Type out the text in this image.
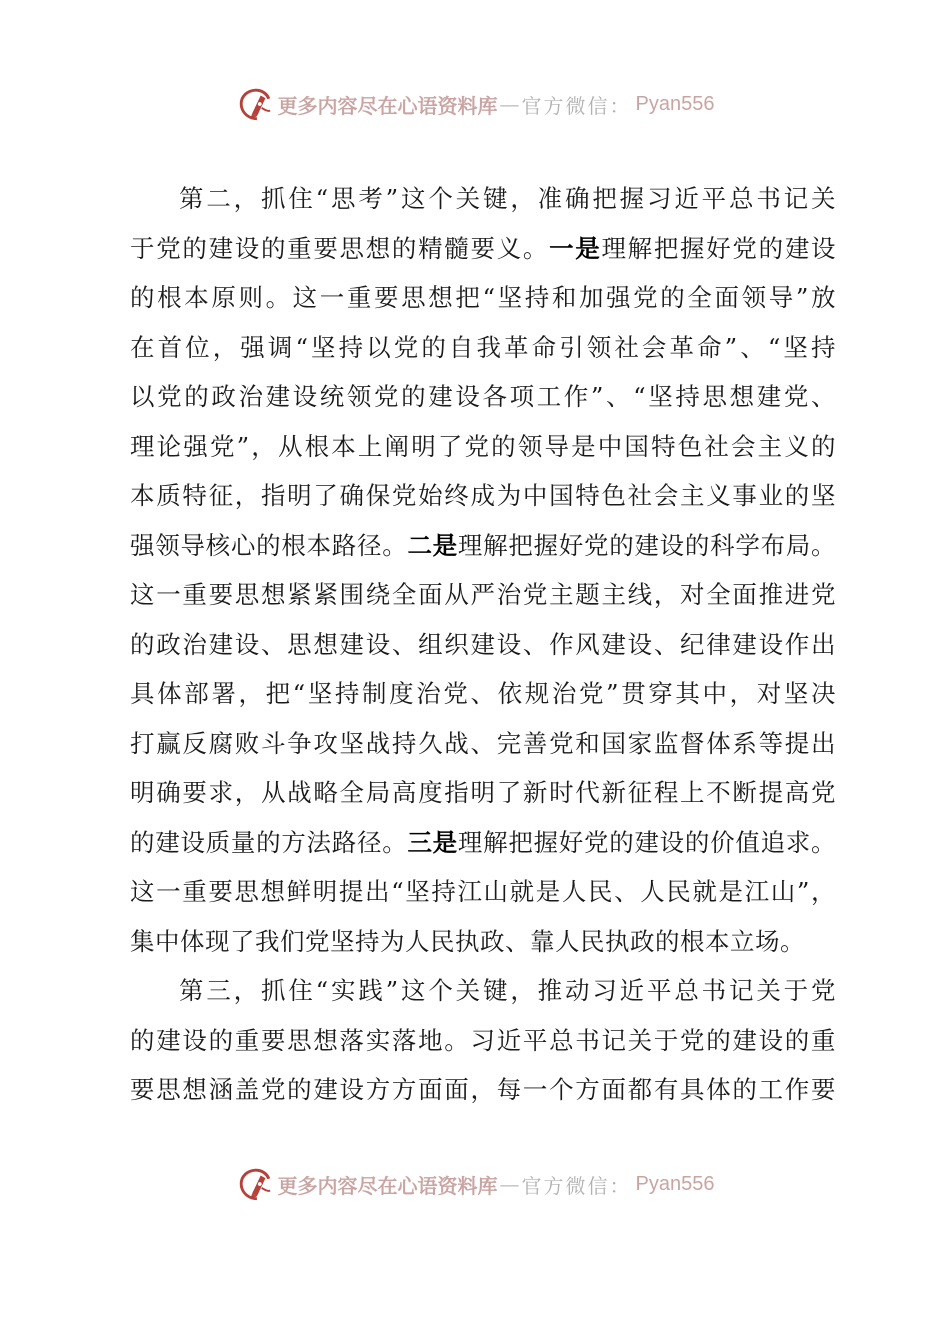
更多内容尽在心语资料库 — 官方微信： Pyan556
第二，抓住“思考”这个关键，准确把握习近平总书记关
于党的建设的重要思想的精髓要义。一是理解把握好党的建设
的根本原则。这一重要思想把“坚持和加强党的全面领导”放
在首位，强调“坚持以党的自我革命引领社会革命”、“坚持
以党的政治建设统领党的建设各项工作”、“坚持思想建党、
理论强党”，从根本上阐明了党的领导是中国特色社会主义的
本质特征，指明了确保党始终成为中国特色社会主义事业的坚
强领导核心的根本路径。二是理解把握好党的建设的科学布局。
这一重要思想紧紧围绕全面从严治党主题主线，对全面推进党
的政治建设、思想建设、组织建设、作风建设、纪律建设作出
具体部署，把“坚持制度治党、依规治党”贯穿其中，对坚决
打赢反腐败斗争攻坚战持久战、完善党和国家监督体系等提出
明确要求，从战略全局高度指明了新时代新征程上不断提高党
的建设质量的方法路径。三是理解把握好党的建设的价值追求。
这一重要思想鲜明提出“坚持江山就是人民、人民就是江山”，
集中体现了我们党坚持为人民执政、靠人民执政的根本立场。
第三，抓住“实践”这个关键，推动习近平总书记关于党
的建设的重要思想落实落地。习近平总书记关于党的建设的重
要思想涵盖党的建设方方面面，每一个方面都有具体的工作要
更多内容尽在心语资料库 — 官方微信： Pyan556
